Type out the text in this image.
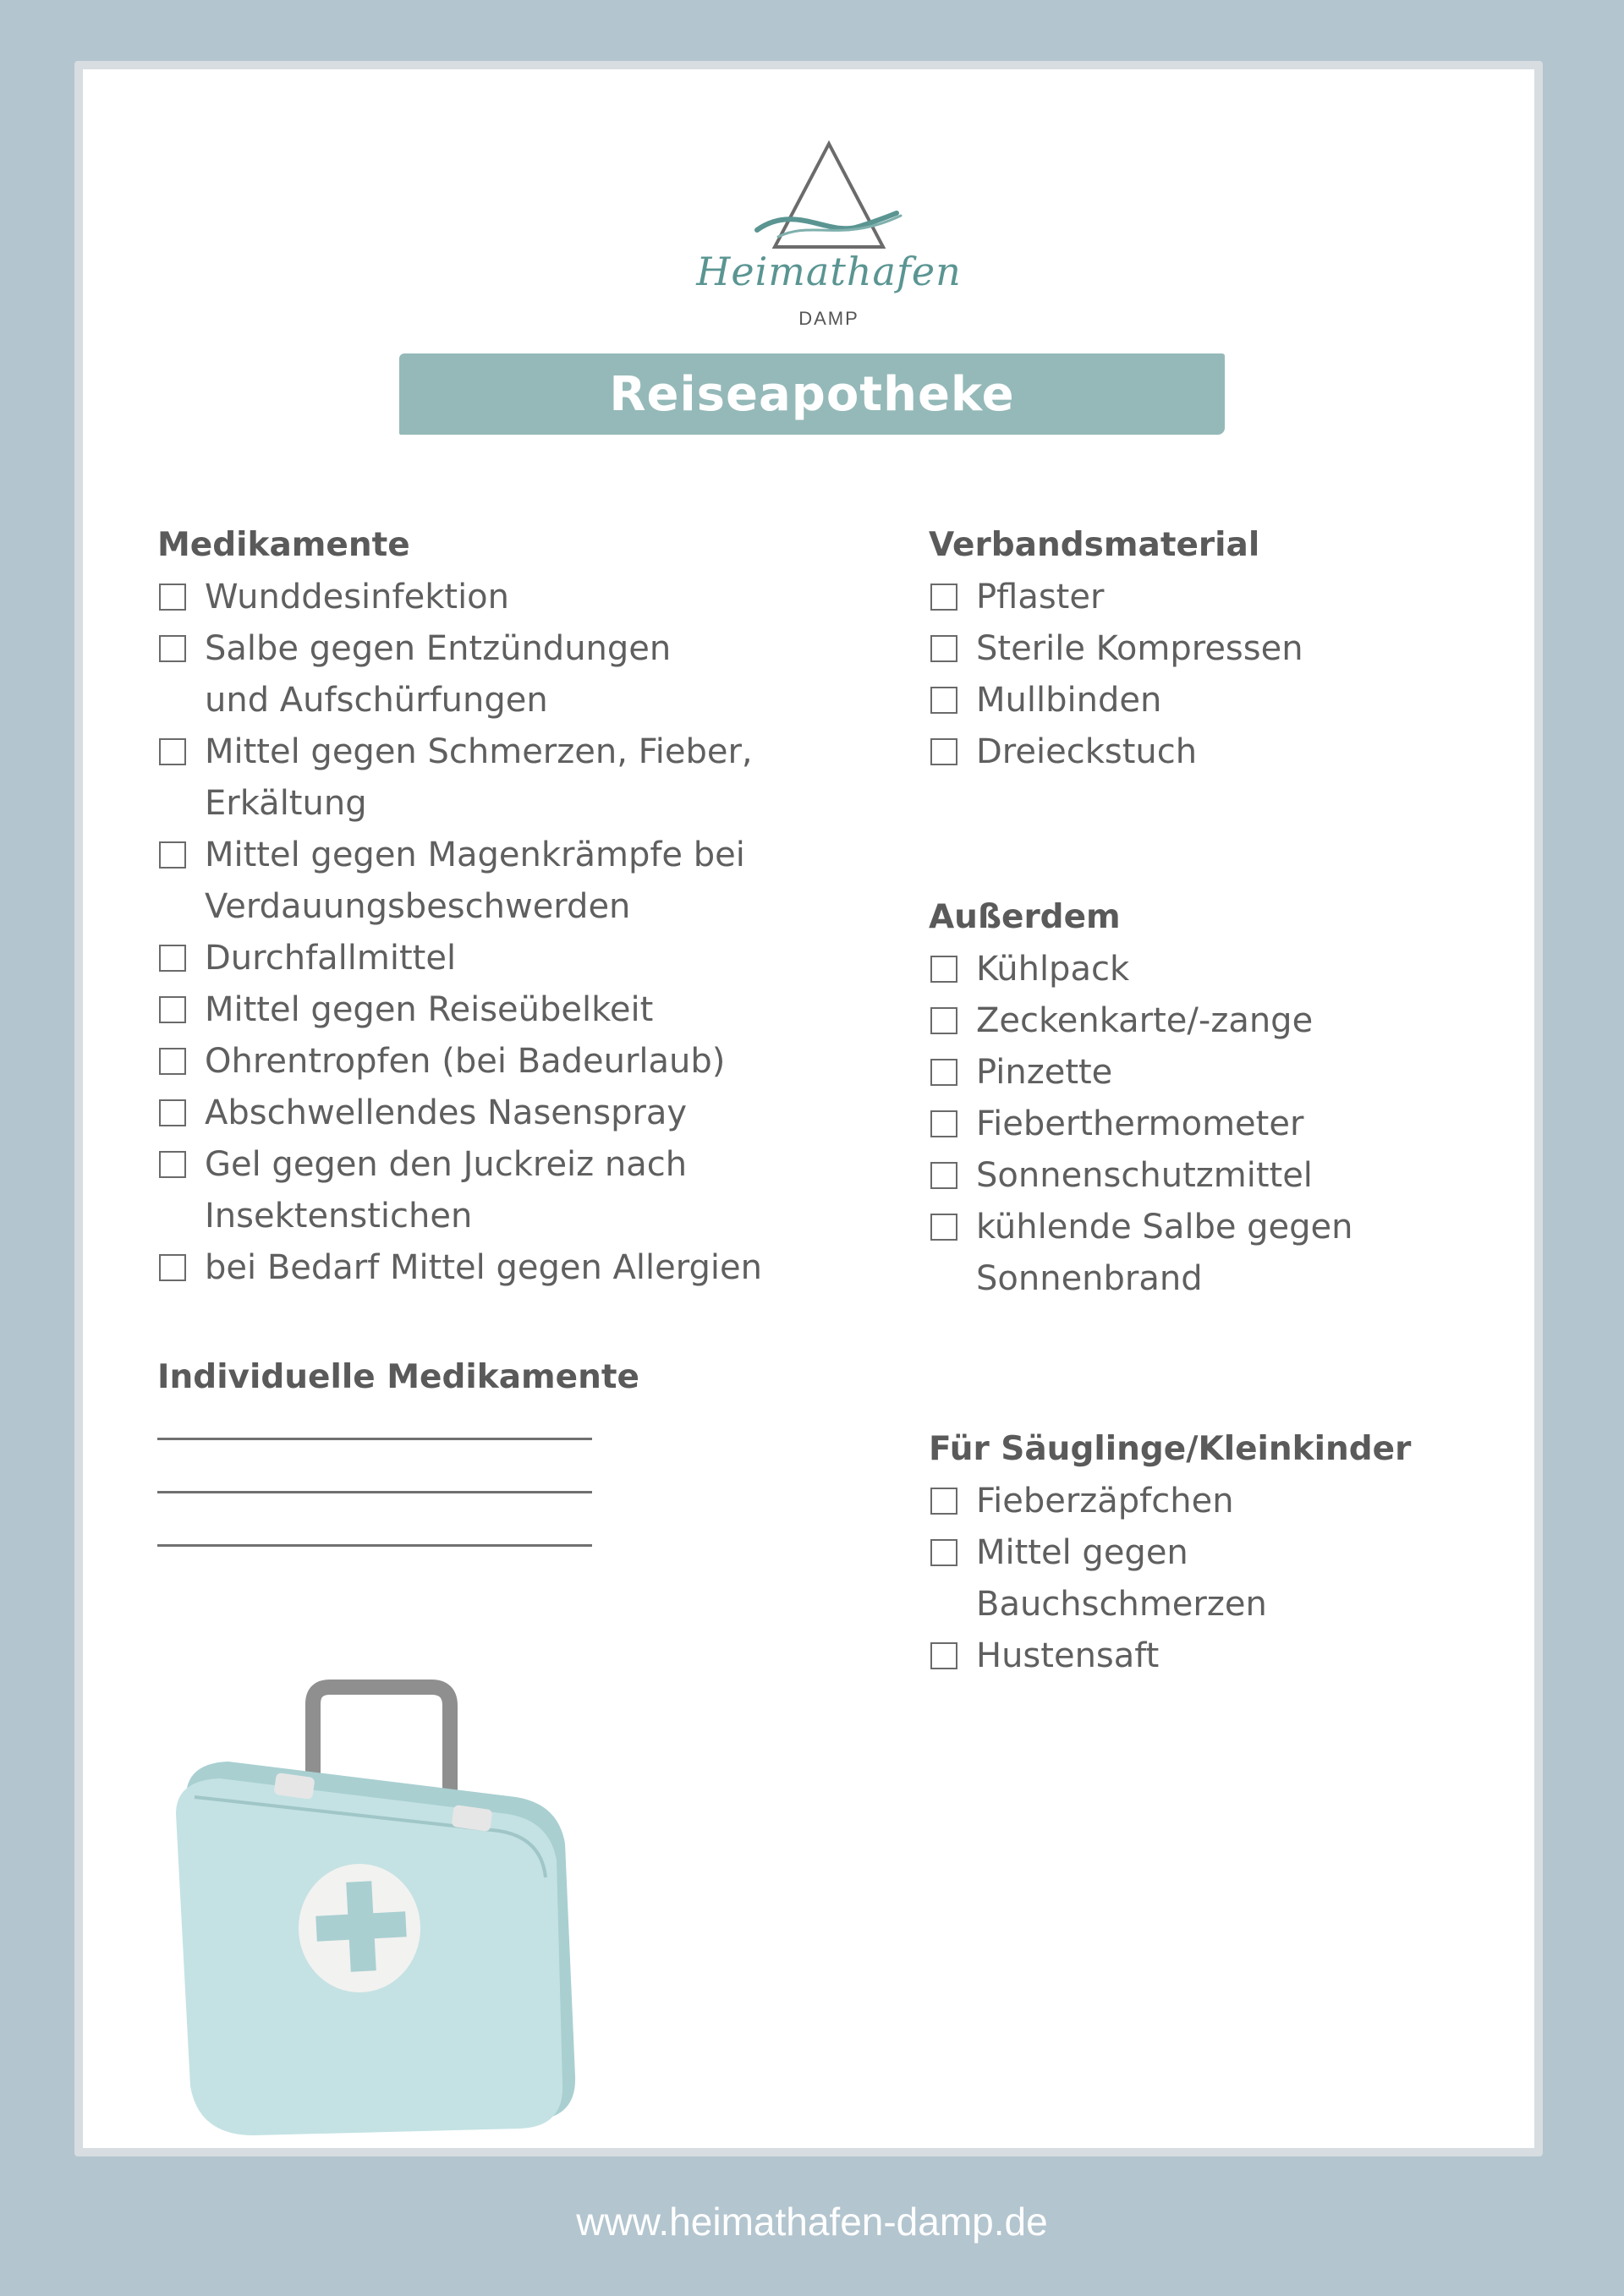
Heimathafen
DAMP
Reiseapotheke

Medikamente

Wunddesinfektion
Salbe gegen Entzündungen
und Aufschürfungen
Mittel gegen Schmerzen, Fieber,
Erkältung
Mittel gegen Magenkrämpfe bei
Verdauungsbeschwerden
Durchfallmittel
Mittel gegen Reiseübelkeit
Ohrentropfen (bei Badeurlaub)
Abschwellendes Nasenspray
Gel gegen den Juckreiz nach
Insektenstichen
bei Bedarf Mittel gegen Allergien

Individuelle Medikamente

Verbandsmaterial

Pflaster
Sterile Kompressen
Mullbinden
Dreieckstuch

Außerdem

Kühlpack
Zeckenkarte/-zange
Pinzette
Fieberthermometer
Sonnenschutzmittel
kühlende Salbe gegen
Sonnenbrand

Für Säuglinge/Kleinkinder

Fieberzäpfchen
Mittel gegen
Bauchschmerzen
Hustensaft
www.heimathafen-damp.de
